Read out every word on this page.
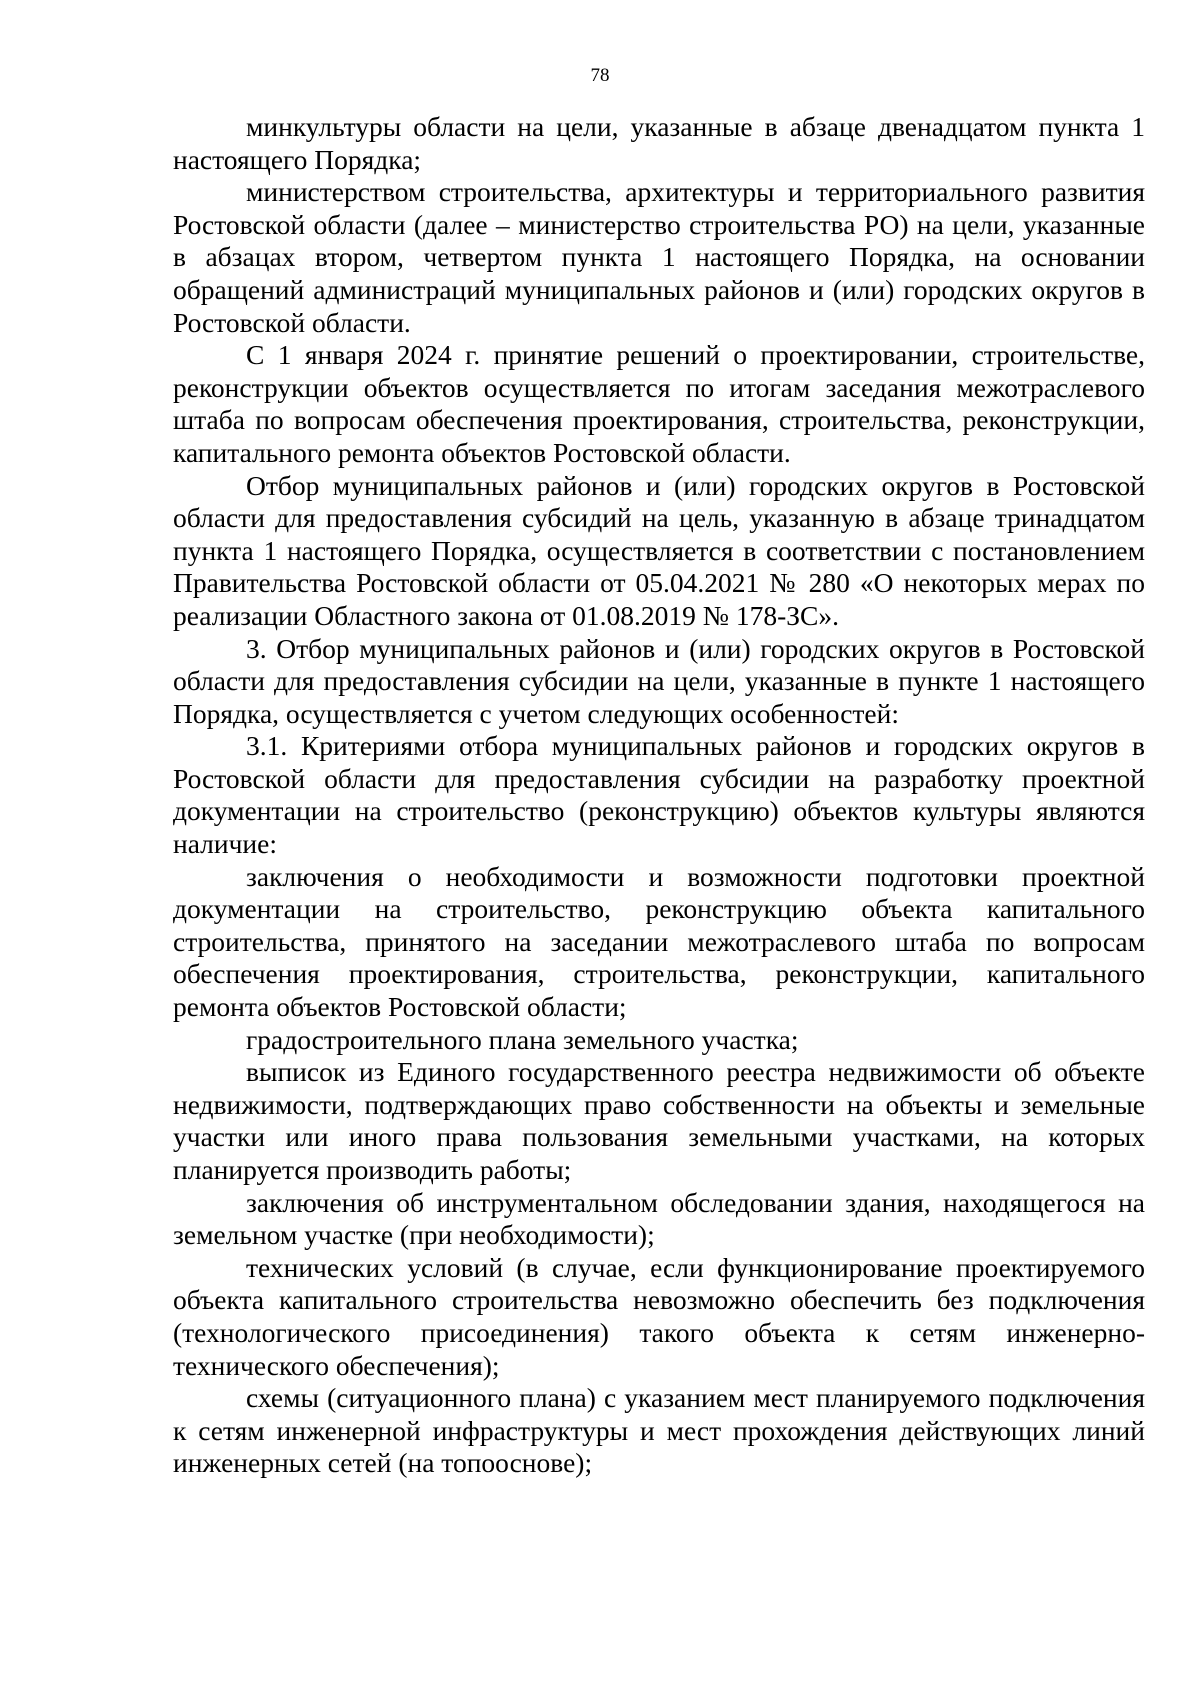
78

минкультуры области на цели, указанные в абзаце двенадцатом пункта 1 настоящего Порядка;

министерством строительства, архитектуры и территориального развития Ростовской области (далее – министерство строительства РО) на цели, указанные в абзацах втором, четвертом пункта 1 настоящего Порядка, на основании обращений администраций муниципальных районов и (или) городских округов в Ростовской области.

С 1 января 2024 г. принятие решений о проектировании, строительстве, реконструкции объектов осуществляется по итогам заседания межотраслевого штаба по вопросам обеспечения проектирования, строительства, реконструкции, капитального ремонта объектов Ростовской области.

Отбор муниципальных районов и (или) городских округов в Ростовской области для предоставления субсидий на цель, указанную в абзаце тринадцатом пункта 1 настоящего Порядка, осуществляется в соответствии с постановлением Правительства Ростовской области от 05.04.2021 № 280 «О некоторых мерах по реализации Областного закона от 01.08.2019 № 178-ЗС».

3. Отбор муниципальных районов и (или) городских округов в Ростовской области для предоставления субсидии на цели, указанные в пункте 1 настоящего Порядка, осуществляется с учетом следующих особенностей:

3.1. Критериями отбора муниципальных районов и городских округов в Ростовской области для предоставления субсидии на разработку проектной документации на строительство (реконструкцию) объектов культуры являются наличие:

заключения о необходимости и возможности подготовки проектной документации на строительство, реконструкцию объекта капитального строительства, принятого на заседании межотраслевого штаба по вопросам обеспечения проектирования, строительства, реконструкции, капитального ремонта объектов Ростовской области;

градостроительного плана земельного участка;

выписок из Единого государственного реестра недвижимости об объекте недвижимости, подтверждающих право собственности на объекты и земельные участки или иного права пользования земельными участками, на которых планируется производить работы;

заключения об инструментальном обследовании здания, находящегося на земельном участке (при необходимости);

технических условий (в случае, если функционирование проектируемого объекта капитального строительства невозможно обеспечить без подключения (технологического присоединения) такого объекта к сетям инженерно-технического обеспечения);

схемы (ситуационного плана) с указанием мест планируемого подключения к сетям инженерной инфраструктуры и мест прохождения действующих линий инженерных сетей (на топооснове);
